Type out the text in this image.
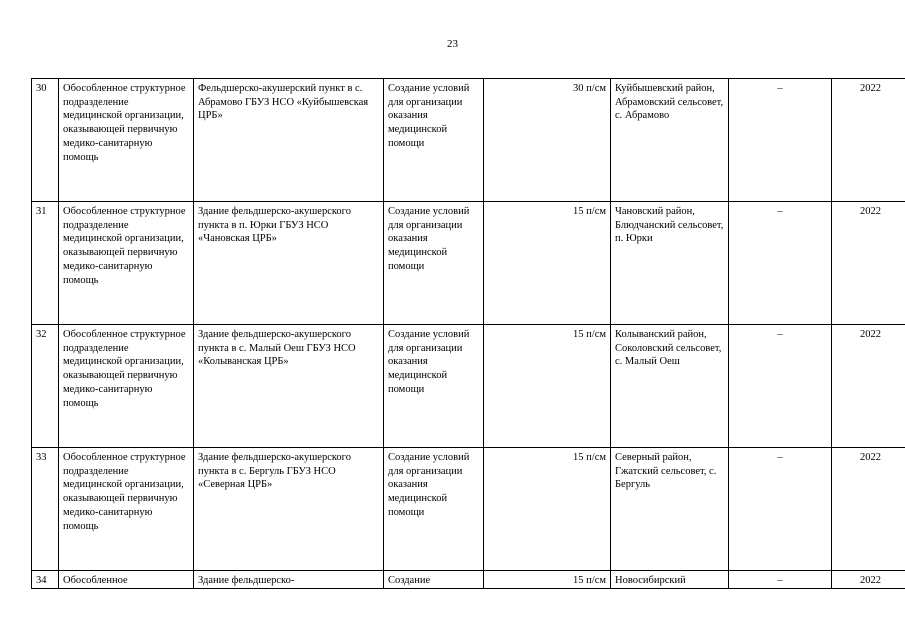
23
30	Обособленное структурное подразделение медицинской организации, оказывающей первичную медико-санитарную помощь	Фельдшерско-акушерский пункт в с. Абрамово ГБУЗ НСО «Куйбышевская ЦРБ»	Создание условий для организации оказания медицинской помощи	30 п/см	Куйбышевский район, Абрамовский сельсовет, с. Абрамово	–	2022
31	Обособленное структурное подразделение медицинской организации, оказывающей первичную медико-санитарную помощь	Здание фельдшерско-акушерского пункта в п. Юрки ГБУЗ НСО «Чановская ЦРБ»	Создание условий для организации оказания медицинской помощи	15 п/см	Чановский район, Блюдчанский сельсовет, п. Юрки	–	2022
32	Обособленное структурное подразделение медицинской организации, оказывающей первичную медико-санитарную помощь	Здание фельдшерско-акушерского пункта в с. Малый Оеш ГБУЗ НСО «Колыванская ЦРБ»	Создание условий для организации оказания медицинской помощи	15 п/см	Колыванский район, Соколовский сельсовет, с. Малый Оеш	–	2022
33	Обособленное структурное подразделение медицинской организации, оказывающей первичную медико-санитарную помощь	Здание фельдшерско-акушерского пункта в с. Бергуль ГБУЗ НСО «Северная ЦРБ»	Создание условий для организации оказания медицинской помощи	15 п/см	Северный район, Гжатский сельсовет, с. Бергуль	–	2022
34	Обособленное	Здание фельдшерско-	Создание	15 п/см	Новосибирский	–	2022
